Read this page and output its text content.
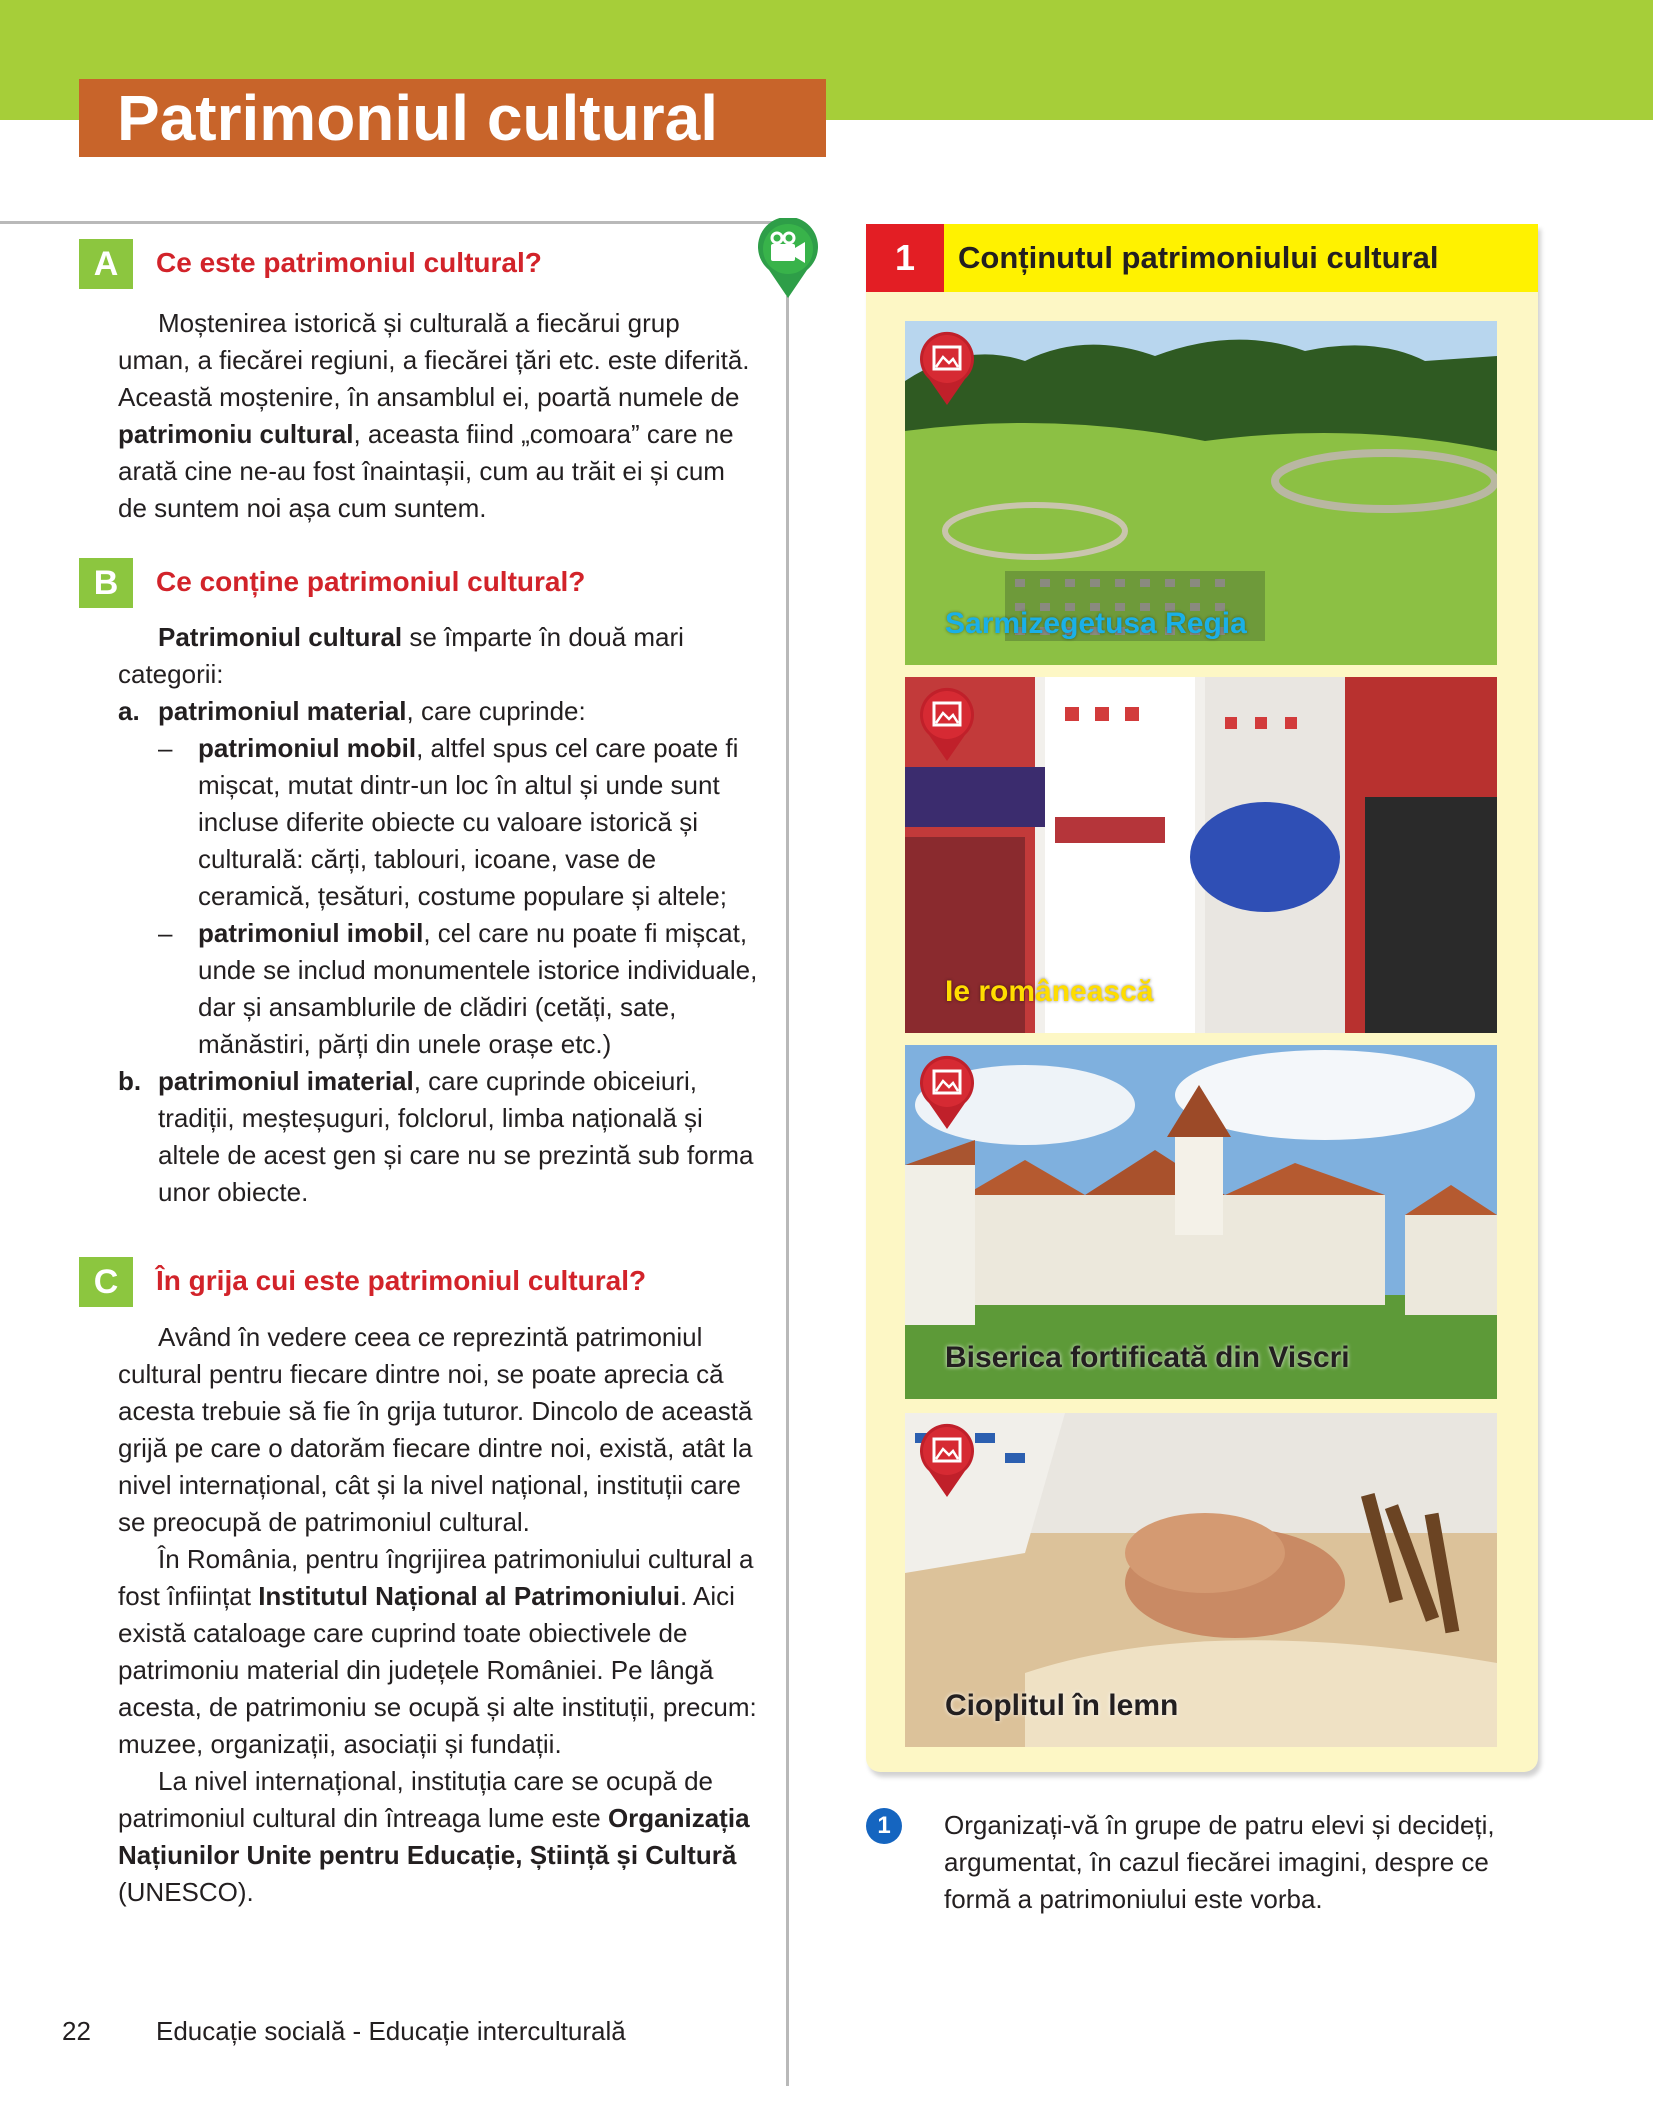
Patrimoniul cultural
A	Ce este patrimoniul cultural?

Moștenirea istorică și culturală a fiecărui grup uman, a fiecărei regiuni, a fiecărei țări etc. este diferită. Această moștenire, în ansamblul ei, poartă numele de patrimoniu cultural, aceasta fiind „comoara” care ne arată cine ne-au fost înaintașii, cum au trăit ei și cum de suntem noi așa cum suntem.

B	Ce conține patrimoniul cultural?

Patrimoniul cultural se împarte în două mari categorii:

a. patrimoniul material, care cuprinde:
– patrimoniul mobil, altfel spus cel care poate fi mișcat, mutat dintr-un loc în altul și unde sunt incluse diferite obiecte cu valoare istorică și culturală: cărți, tablouri, icoane, vase de ceramică, țesături, costume populare și altele;
– patrimoniul imobil, cel care nu poate fi mișcat, unde se includ monumentele istorice individuale, dar și ansamblurile de clădiri (cetăți, sate, mănăstiri, părți din unele orașe etc.)
b. patrimoniul imaterial, care cuprinde obiceiuri, tradiții, meșteșuguri, folclorul, limba națională și altele de acest gen și care nu se prezintă sub forma unor obiecte.
C	În grija cui este patrimoniul cultural?

Având în vedere ceea ce reprezintă patrimoniul cultural pentru fiecare dintre noi, se poate aprecia că acesta trebuie să fie în grija tuturor. Dincolo de această grijă pe care o datorăm fiecare dintre noi, există, atât la nivel internațional, cât și la nivel național, instituții care se preocupă de patrimoniul cultural.

În România, pentru îngrijirea patrimoniului cultural a fost înființat Institutul Național al Patrimoniului. Aici există cataloage care cuprind toate obiectivele de patrimoniu material din județele României. Pe lângă acesta, de patrimoniu se ocupă și alte instituții, precum: muzee, organizații, asociații și fundații.

La nivel internațional, instituția care se ocupă de patrimoniul cultural din întreaga lume este Organizația Națiunilor Unite pentru Educație, Știință și Cultură (UNESCO).

1	Conținutul patrimoniului cultural
Sarmizegetusa Regia
Ie românească
Biserica fortificată din Viscri
Cioplitul în lemn
1	Organizați-vă în grupe de patru elevi și decideți, argumentat, în cazul fiecărei imagini, despre ce formă a patrimoniului este vorba.
22	Educație socială - Educație interculturală
